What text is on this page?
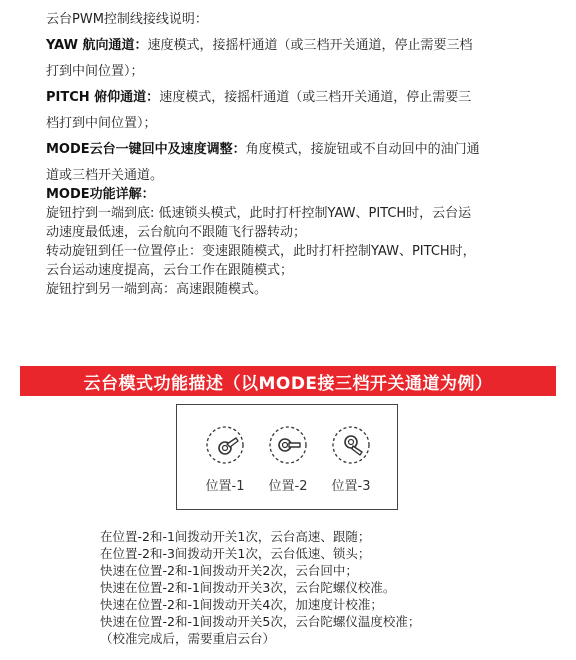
云台PWM控制线接线说明：

YAW 航向通道：速度模式，接摇杆通道（或三档开关通道，停止需要三档

打到中间位置）；

PITCH 俯仰通道：速度模式，接摇杆通道（或三档开关通道，停止需要三

档打到中间位置）；

MODE云台一键回中及速度调整：角度模式，接旋钮或不自动回中的油门通

道或三档开关通道。

MODE功能详解：

旋钮拧到一端到底: 低速锁头模式，此时打杆控制YAW、PITCH时，云台运

动速度最低速，云台航向不跟随飞行器转动；

转动旋钮到任一位置停止：变速跟随模式，此时打杆控制YAW、PITCH时，

云台运动速度提高，云台工作在跟随模式；

旋钮拧到另一端到高：高速跟随模式。

云台模式功能描述（以MODE接三档开关通道为例）
位置-1	位置-2	位置-3

在位置-2和-1间拨动开关1次，云台高速、跟随；

在位置-2和-3间拨动开关1次，云台低速、锁头；

快速在位置-2和-1间拨动开关2次，云台回中；

快速在位置-2和-1间拨动开关3次，云台陀螺仪校准。

快速在位置-2和-1间拨动开关4次，加速度计校准；

快速在位置-2和-1间拨动开关5次，云台陀螺仪温度校准；

（校准完成后，需要重启云台）
